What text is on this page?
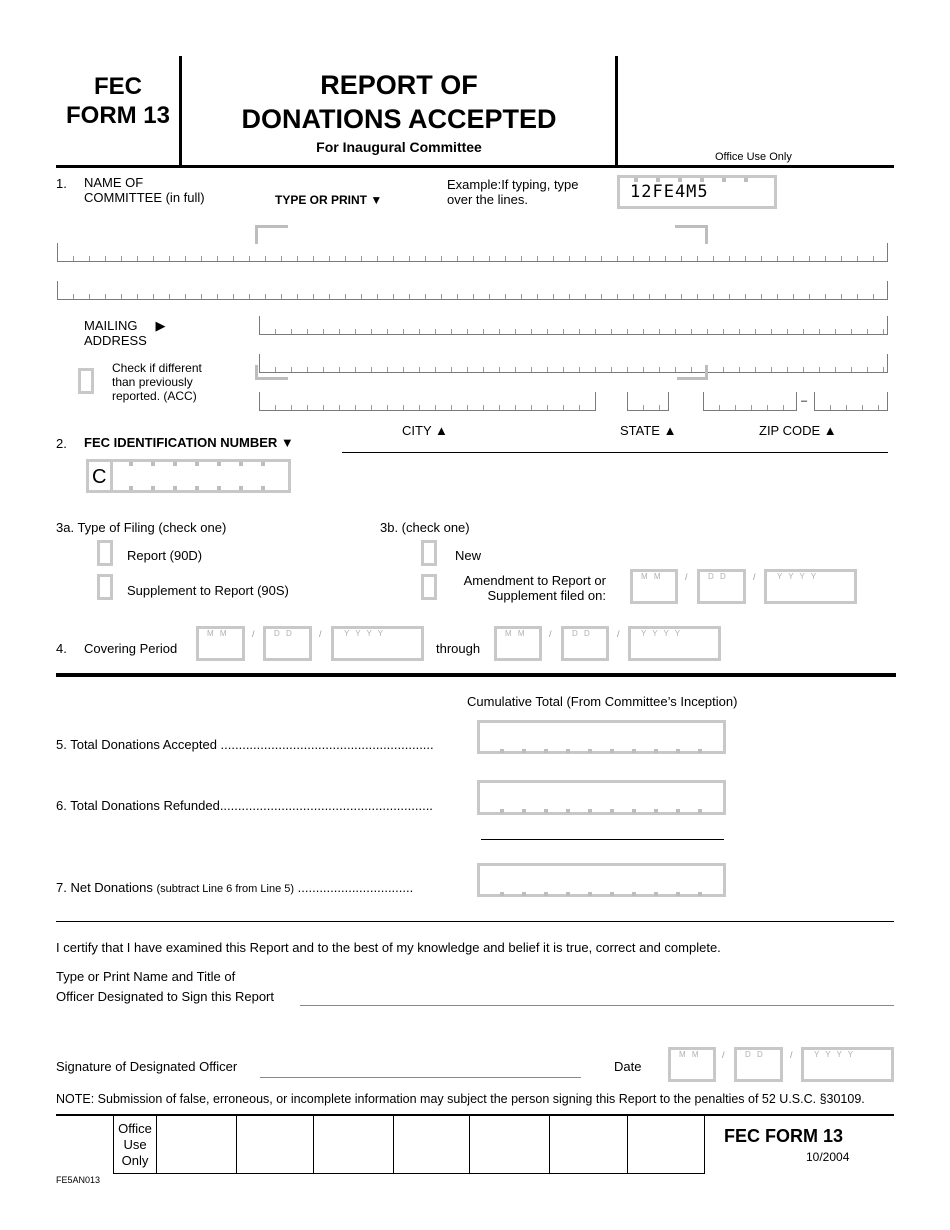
FEC
FORM 13
REPORT OF
DONATIONS ACCEPTED
For Inaugural Committee
Office Use Only
1. NAME OF
COMMITTEE (in full)	TYPE OR PRINT ▼
Example:If typing, type
over the lines.	12FE4M5
MAILING ▶
ADDRESS
Check if different
than previously
reported. (ACC)	–
CITY ▲	STATE ▲	ZIP CODE ▲
2. FEC IDENTIFICATION NUMBER ▼
C
3a. Type of Filing (check one)
Report (90D)
Supplement to Report (90S)
3b. (check one)
New
Amendment to Report or
Supplement filed on:
M M /	D D	/	Y Y Y Y
4. Covering Period
M M	/ D D	/	Y Y Y Y
through
M M /	D D	/	Y Y Y Y
Cumulative Total (From Committee’s Inception)
5. Total Donations Accepted ...........................................................
6. Total Donations Refunded...........................................................
7. Net Donations (subtract Line 6 from Line 5) ................................
I certify that I have examined this Report and to the best of my knowledge and belief it is true, correct and complete.
Type or Print Name and Title of
Officer Designated to Sign this Report
Signature of Designated Officer	Date
M M /	D D	/	Y Y Y Y
NOTE: Submission of false, erroneous, or incomplete information may subject the person signing this Report to the penalties of 52 U.S.C. §30109.
Office
Use
Only
FEC FORM 13
10/2004
FE5AN013
